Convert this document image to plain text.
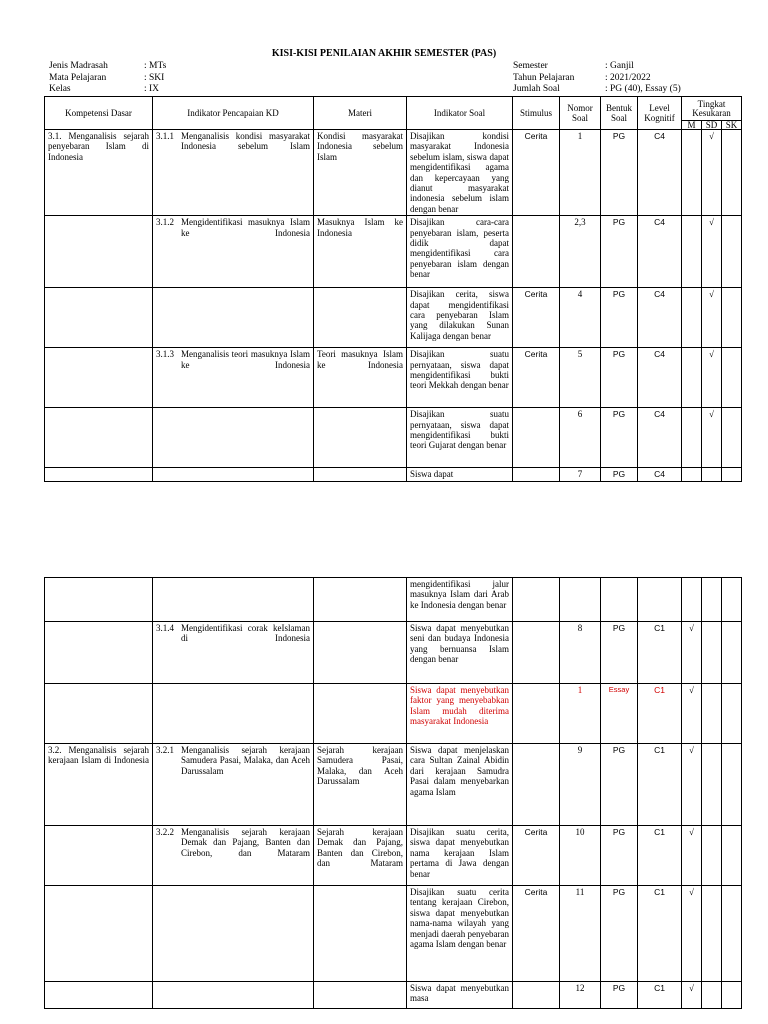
KISI-KISI PENILAIAN AKHIR SEMESTER (PAS)
Jenis Madrasah	: MTs
Mata Pelajaran	: SKI
Kelas	: IX
Semester	: Ganjil
Tahun Pelajaran	: 2021/2022
Jumlah Soal	: PG (40), Essay (5)
Kompetensi Dasar	Indikator Pencapaian KD	Materi	Indikator Soal	Stimulus	Nomor Soal	Bentuk Soal	Level Kognitif	Tingkat Kesukaran		
								M	SD	SK
3.1. Menganalisis sejarah penyebaran Islam di Indonesia	3.1.1 Menganalisis kondisi masyarakat Indonesia sebelum Islam	Kondisi masyarakat Indonesia sebelum Islam	Disajikan kondisi masyarakat Indonesia sebelum islam, siswa dapat mengidentifikasi agama dan kepercayaan yang dianut masyarakat indonesia sebelum islam dengan benar	Cerita	1	PG	C4		√	

	3.1.2 Mengidentifikasi masuknya Islam ke Indonesia	Masuknya Islam ke Indonesia	Disajikan cara-cara penyebaran islam, peserta didik dapat mengidentifikasi cara penyebaran islam dengan benar		2,3	PG	C4		√	

		Disajikan cerita, siswa dapat mengidentifikasi cara penyebaran Islam yang dilakukan Sunan Kalijaga dengan benar	Cerita	4	PG	C4		√	

	3.1.3 Menganalisis teori masuknya Islam ke Indonesia	Teori masuknya Islam ke Indonesia	Disajikan suatu pernyataan, siswa dapat mengidentifikasi bukti teori Mekkah dengan benar	Cerita	5	PG	C4		√	

		Disajikan suatu pernyataan, siswa dapat mengidentifikasi bukti teori Gujarat dengan benar		6	PG	C4		√	

		Siswa dapat		7	PG	C4			

		mengidentifikasi jalur masuknya Islam dari Arab ke Indonesia dengan benar							

	3.1.4 Mengidentifikasi corak keIslaman di Indonesia		Siswa dapat menyebutkan seni dan budaya Indonesia yang bernuansa Islam dengan benar		8	PG	C1	√		

		Siswa dapat menyebutkan faktor yang menyebabkan Islam mudah diterima masyarakat Indonesia		1	Essay	C1	√		
3.2. Menganalisis sejarah kerajaan Islam di Indonesia	3.2.1 Menganalisis sejarah kerajaan Samudera Pasai, Malaka, dan Aceh Darussalam	Sejarah kerajaan Samudera Pasai, Malaka, dan Aceh Darussalam	Siswa dapat menjelaskan cara Sultan Zainal Abidin dari kerajaan Samudra Pasai dalam menyebarkan agama Islam		9	PG	C1	√		

	3.2.2 Menganalisis sejarah kerajaan Demak dan Pajang, Banten dan Cirebon, dan Mataram	Sejarah kerajaan Demak dan Pajang, Banten dan Cirebon, dan Mataram	Disajikan suatu cerita, siswa dapat menyebutkan nama kerajaan Islam pertama di Jawa dengan benar	Cerita	10	PG	C1	√		

		Disajikan suatu cerita tentang kerajaan Cirebon, siswa dapat menyebutkan nama-nama wilayah yang menjadi daerah penyebaran agama Islam dengan benar	Cerita	11	PG	C1	√		

		Siswa dapat menyebutkan masa		12	PG	C1	√		
